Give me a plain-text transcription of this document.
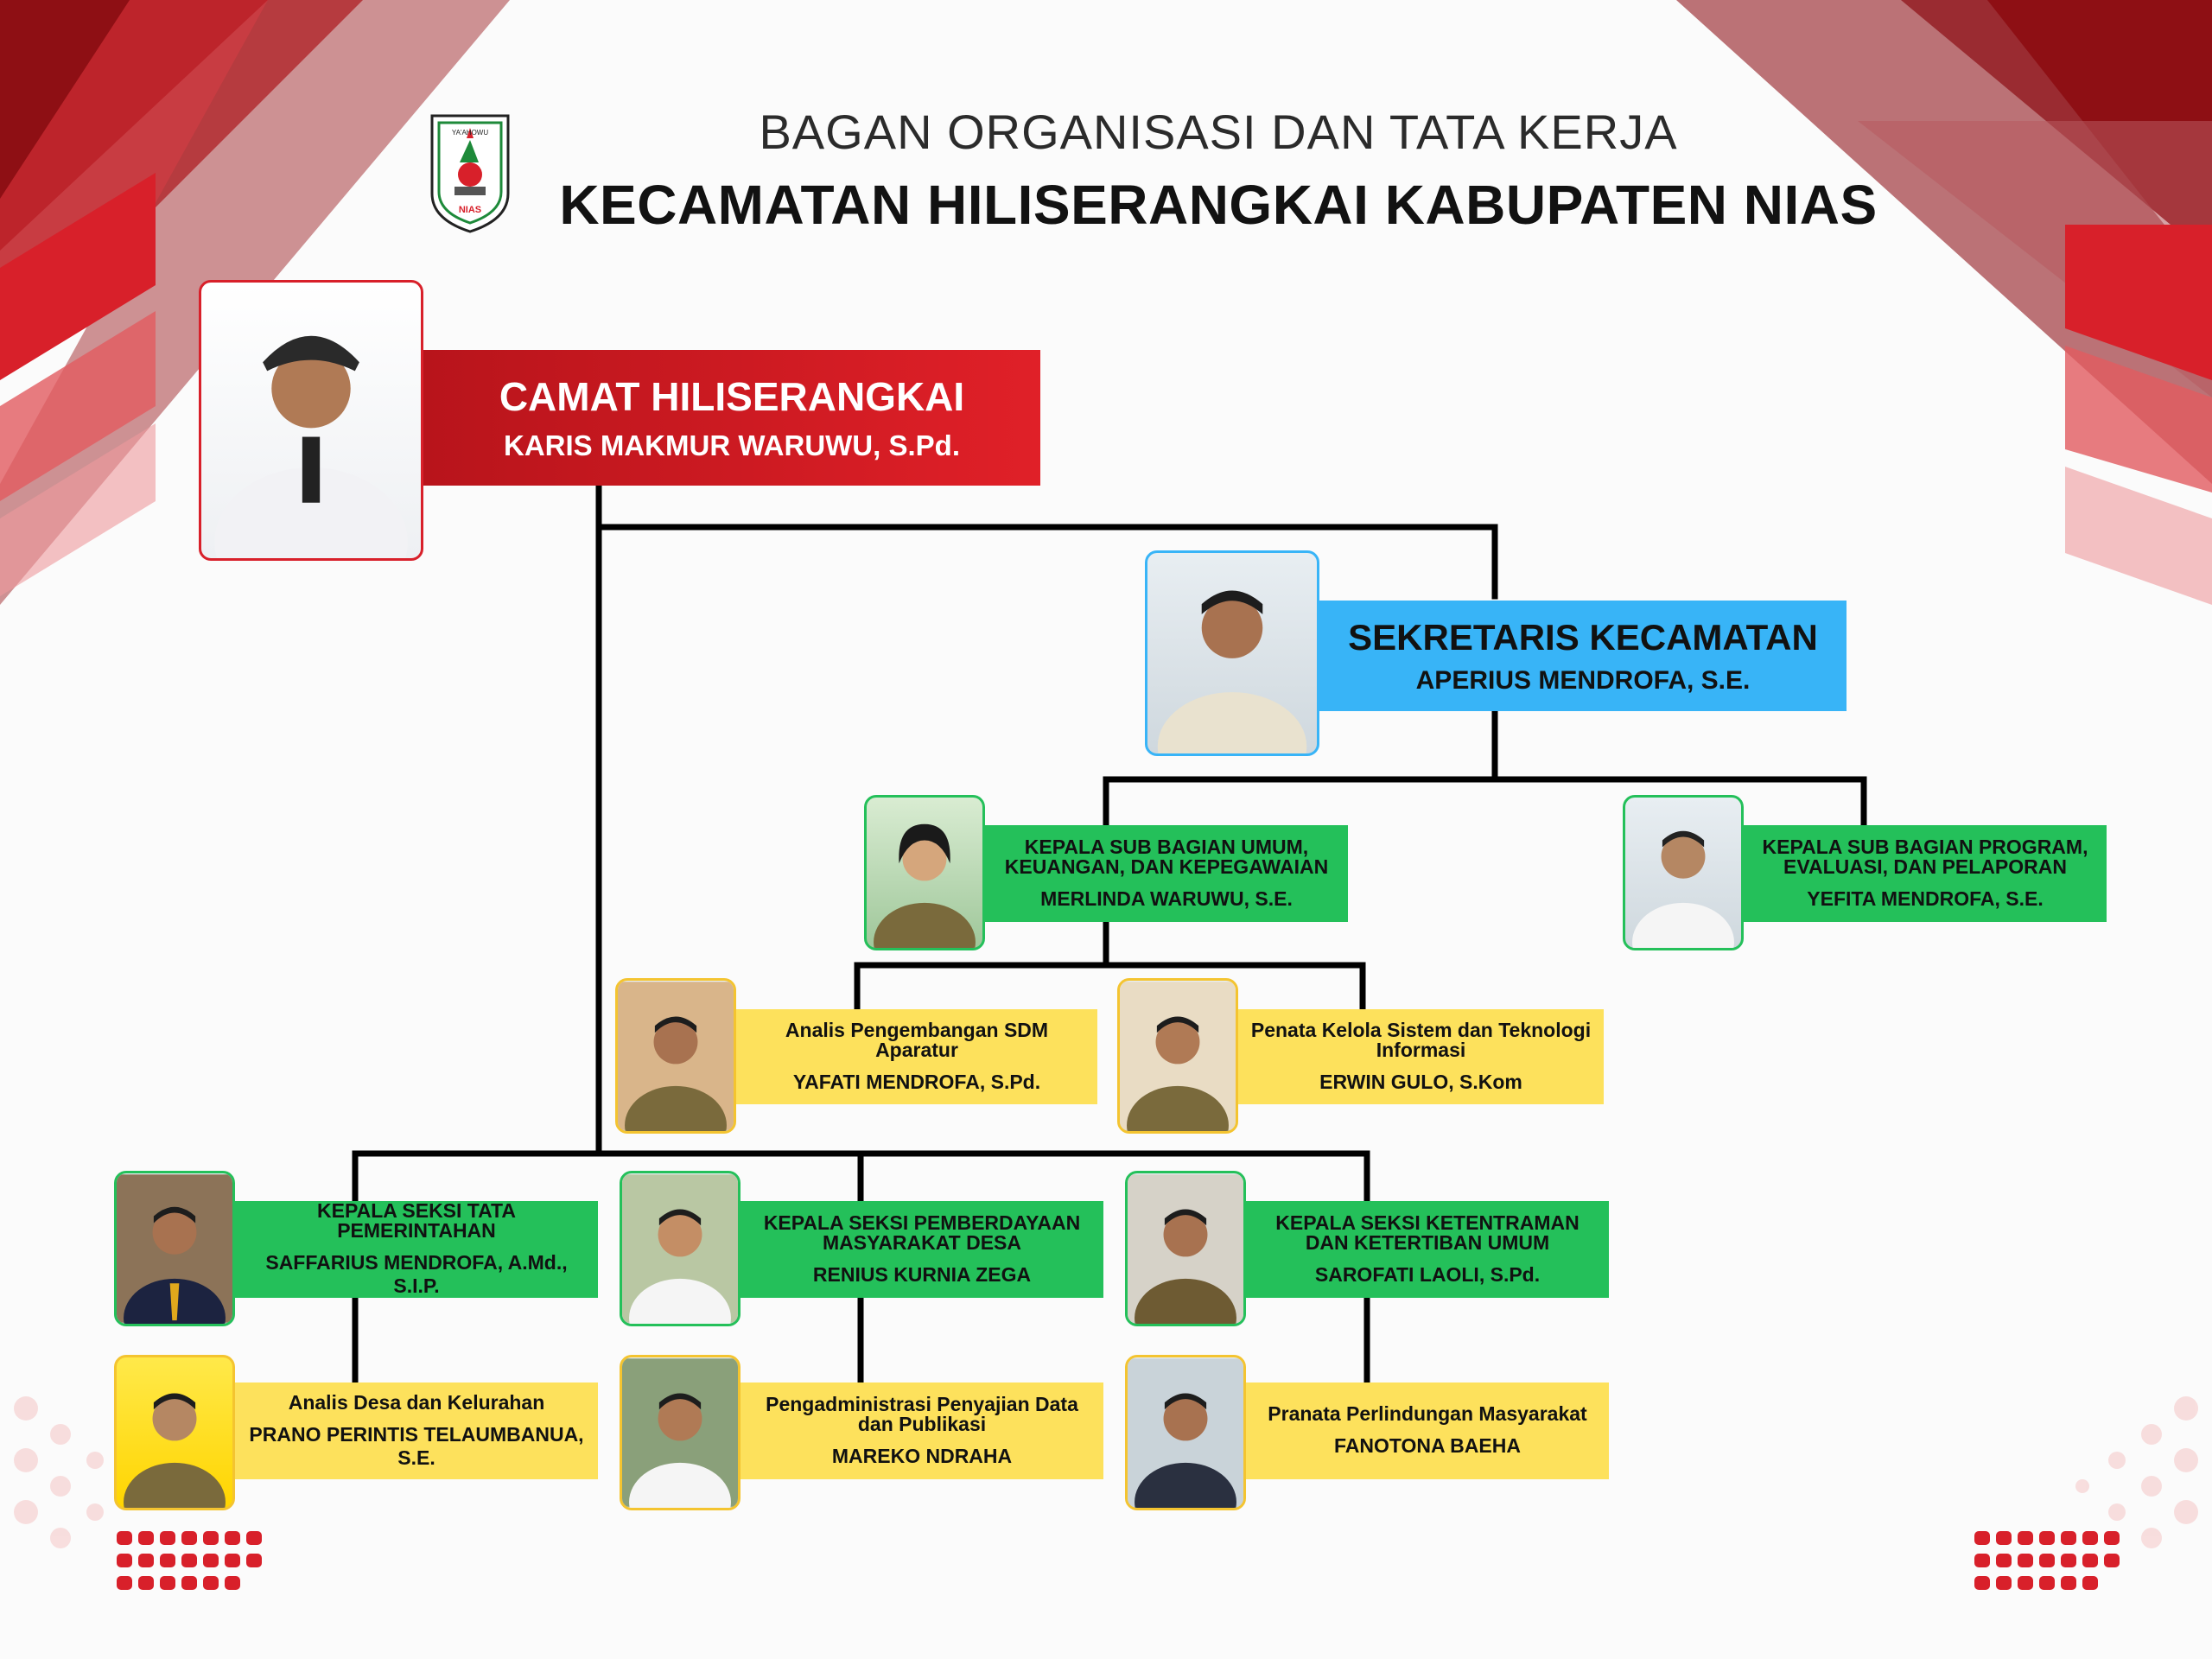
YA'AHOWU
NIAS
BAGAN ORGANISASI DAN TATA KERJA
KECAMATAN HILISERANGKAI KABUPATEN NIAS
CAMAT HILISERANGKAI
KARIS MAKMUR WARUWU, S.Pd.
SEKRETARIS KECAMATAN
APERIUS MENDROFA, S.E.
KEPALA SUB BAGIAN UMUM, KEUANGAN, DAN KEPEGAWAIAN
MERLINDA WARUWU, S.E.
KEPALA SUB BAGIAN PROGRAM, EVALUASI, DAN PELAPORAN
YEFITA MENDROFA, S.E.
Analis Pengembangan SDM Aparatur
YAFATI MENDROFA, S.Pd.
Penata Kelola Sistem dan Teknologi Informasi
ERWIN GULO, S.Kom
KEPALA SEKSI TATA PEMERINTAHAN
SAFFARIUS MENDROFA, A.Md., S.I.P.
KEPALA SEKSI PEMBERDAYAAN MASYARAKAT DESA
RENIUS KURNIA ZEGA
KEPALA SEKSI KETENTRAMAN DAN KETERTIBAN UMUM
SAROFATI LAOLI, S.Pd.
Analis Desa dan Kelurahan
PRANO PERINTIS TELAUMBANUA, S.E.
Pengadministrasi Penyajian Data dan Publikasi
MAREKO NDRAHA
Pranata Perlindungan Masyarakat
FANOTONA BAEHA
